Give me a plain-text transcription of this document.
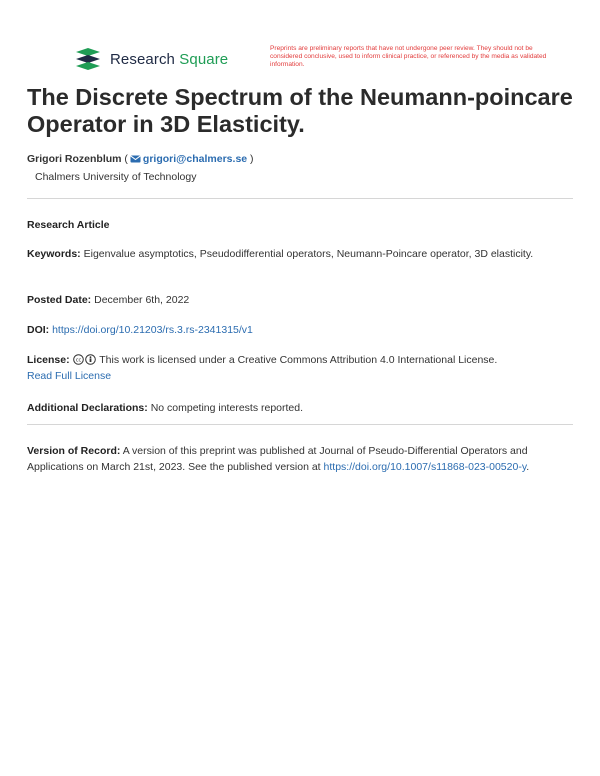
Research Square
Preprints are preliminary reports that have not undergone peer review. They should not be considered conclusive, used to inform clinical practice, or referenced by the media as validated information.
The Discrete Spectrum of the Neumann-poincare Operator in 3D Elasticity.
Grigori Rozenblum ( grigori@chalmers.se )
Chalmers University of Technology
Research Article
Keywords: Eigenvalue asymptotics, Pseudodifferential operators, Neumann-Poincare operator, 3D elasticity.
Posted Date: December 6th, 2022
DOI: https://doi.org/10.21203/rs.3.rs-2341315/v1
License: cc This work is licensed under a Creative Commons Attribution 4.0 International License.
Read Full License
Additional Declarations: No competing interests reported.
Version of Record: A version of this preprint was published at Journal of Pseudo-Differential Operators and Applications on March 21st, 2023. See the published version at https://doi.org/10.1007/s11868-023-00520-y.
